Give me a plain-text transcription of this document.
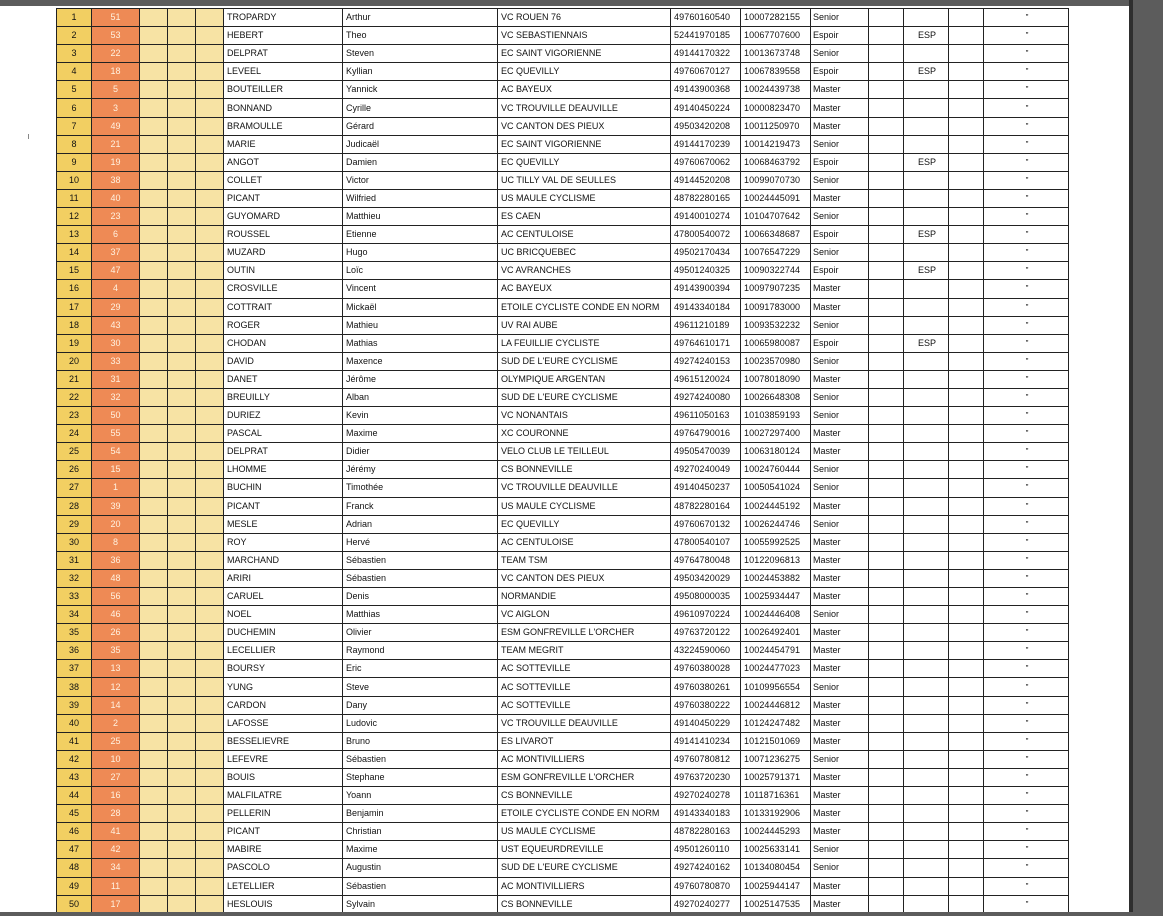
1	51				TROPARDY	Arthur	VC ROUEN 76	49760160540	10007282155	Senior				"
2	53				HEBERT	Theo	VC SEBASTIENNAIS	52441970185	10067707600	Espoir		ESP		"
3	22				DELPRAT	Steven	EC SAINT VIGORIENNE	49144170322	10013673748	Senior				"
4	18				LEVEEL	Kyllian	EC QUEVILLY	49760670127	10067839558	Espoir		ESP		"
5	5				BOUTEILLER	Yannick	AC BAYEUX	49143900368	10024439738	Master				"
6	3				BONNAND	Cyrille	VC TROUVILLE DEAUVILLE	49140450224	10000823470	Master				"
7	49				BRAMOULLE	Gérard	VC CANTON DES PIEUX	49503420208	10011250970	Master				"
8	21				MARIE	Judicaël	EC SAINT VIGORIENNE	49144170239	10014219473	Senior				"
9	19				ANGOT	Damien	EC QUEVILLY	49760670062	10068463792	Espoir		ESP		"
10	38				COLLET	Victor	UC TILLY VAL DE SEULLES	49144520208	10099070730	Senior				"
11	40				PICANT	Wilfried	US MAULE CYCLISME	48782280165	10024445091	Master				"
12	23				GUYOMARD	Matthieu	ES CAEN	49140010274	10104707642	Senior				"
13	6				ROUSSEL	Etienne	AC CENTULOISE	47800540072	10066348687	Espoir		ESP		"
14	37				MUZARD	Hugo	UC BRICQUEBEC	49502170434	10076547229	Senior				"
15	47				OUTIN	Loïc	VC AVRANCHES	49501240325	10090322744	Espoir		ESP		"
16	4				CROSVILLE	Vincent	AC BAYEUX	49143900394	10097907235	Master				"
17	29				COTTRAIT	Mickaël	ETOILE CYCLISTE CONDE EN NORM	49143340184	10091783000	Master				"
18	43				ROGER	Mathieu	UV RAI AUBE	49611210189	10093532232	Senior				"
19	30				CHODAN	Mathias	LA FEUILLIE CYCLISTE	49764610171	10065980087	Espoir		ESP		"
20	33				DAVID	Maxence	SUD DE L'EURE CYCLISME	49274240153	10023570980	Senior				"
21	31				DANET	Jérôme	OLYMPIQUE ARGENTAN	49615120024	10078018090	Master				"
22	32				BREUILLY	Alban	SUD DE L'EURE CYCLISME	49274240080	10026648308	Senior				"
23	50				DURIEZ	Kevin	VC NONANTAIS	49611050163	10103859193	Senior				"
24	55				PASCAL	Maxime	XC COURONNE	49764790016	10027297400	Master				"
25	54				DELPRAT	Didier	VELO CLUB LE TEILLEUL	49505470039	10063180124	Master				"
26	15				LHOMME	Jérémy	CS BONNEVILLE	49270240049	10024760444	Senior				"
27	1				BUCHIN	Timothée	VC TROUVILLE DEAUVILLE	49140450237	10050541024	Senior				"
28	39				PICANT	Franck	US MAULE CYCLISME	48782280164	10024445192	Master				"
29	20				MESLE	Adrian	EC QUEVILLY	49760670132	10026244746	Senior				"
30	8				ROY	Hervé	AC CENTULOISE	47800540107	10055992525	Master				"
31	36				MARCHAND	Sébastien	TEAM TSM	49764780048	10122096813	Master				"
32	48				ARIRI	Sébastien	VC CANTON DES PIEUX	49503420029	10024453882	Master				"
33	56				CARUEL	Denis	NORMANDIE	49508000035	10025934447	Master				"
34	46				NOEL	Matthias	VC AIGLON	49610970224	10024446408	Senior				"
35	26				DUCHEMIN	Olivier	ESM GONFREVILLE L'ORCHER	49763720122	10026492401	Master				"
36	35				LECELLIER	Raymond	TEAM MEGRIT	43224590060	10024454791	Master				"
37	13				BOURSY	Eric	AC SOTTEVILLE	49760380028	10024477023	Master				"
38	12				YUNG	Steve	AC SOTTEVILLE	49760380261	10109956554	Senior				"
39	14				CARDON	Dany	AC SOTTEVILLE	49760380222	10024446812	Master				"
40	2				LAFOSSE	Ludovic	VC TROUVILLE DEAUVILLE	49140450229	10124247482	Master				"
41	25				BESSELIEVRE	Bruno	ES LIVAROT	49141410234	10121501069	Master				"
42	10				LEFEVRE	Sébastien	AC MONTIVILLIERS	49760780812	10071236275	Senior				"
43	27				BOUIS	Stephane	ESM GONFREVILLE L'ORCHER	49763720230	10025791371	Master				"
44	16				MALFILATRE	Yoann	CS BONNEVILLE	49270240278	10118716361	Master				"
45	28				PELLERIN	Benjamin	ETOILE CYCLISTE CONDE EN NORM	49143340183	10133192906	Master				"
46	41				PICANT	Christian	US MAULE CYCLISME	48782280163	10024445293	Master				"
47	42				MABIRE	Maxime	UST EQUEURDREVILLE	49501260110	10025633141	Senior				"
48	34				PASCOLO	Augustin	SUD DE L'EURE CYCLISME	49274240162	10134080454	Senior				"
49	11				LETELLIER	Sébastien	AC MONTIVILLIERS	49760780870	10025944147	Master				"
50	17				HESLOUIS	Sylvain	CS BONNEVILLE	49270240277	10025147535	Master				"
